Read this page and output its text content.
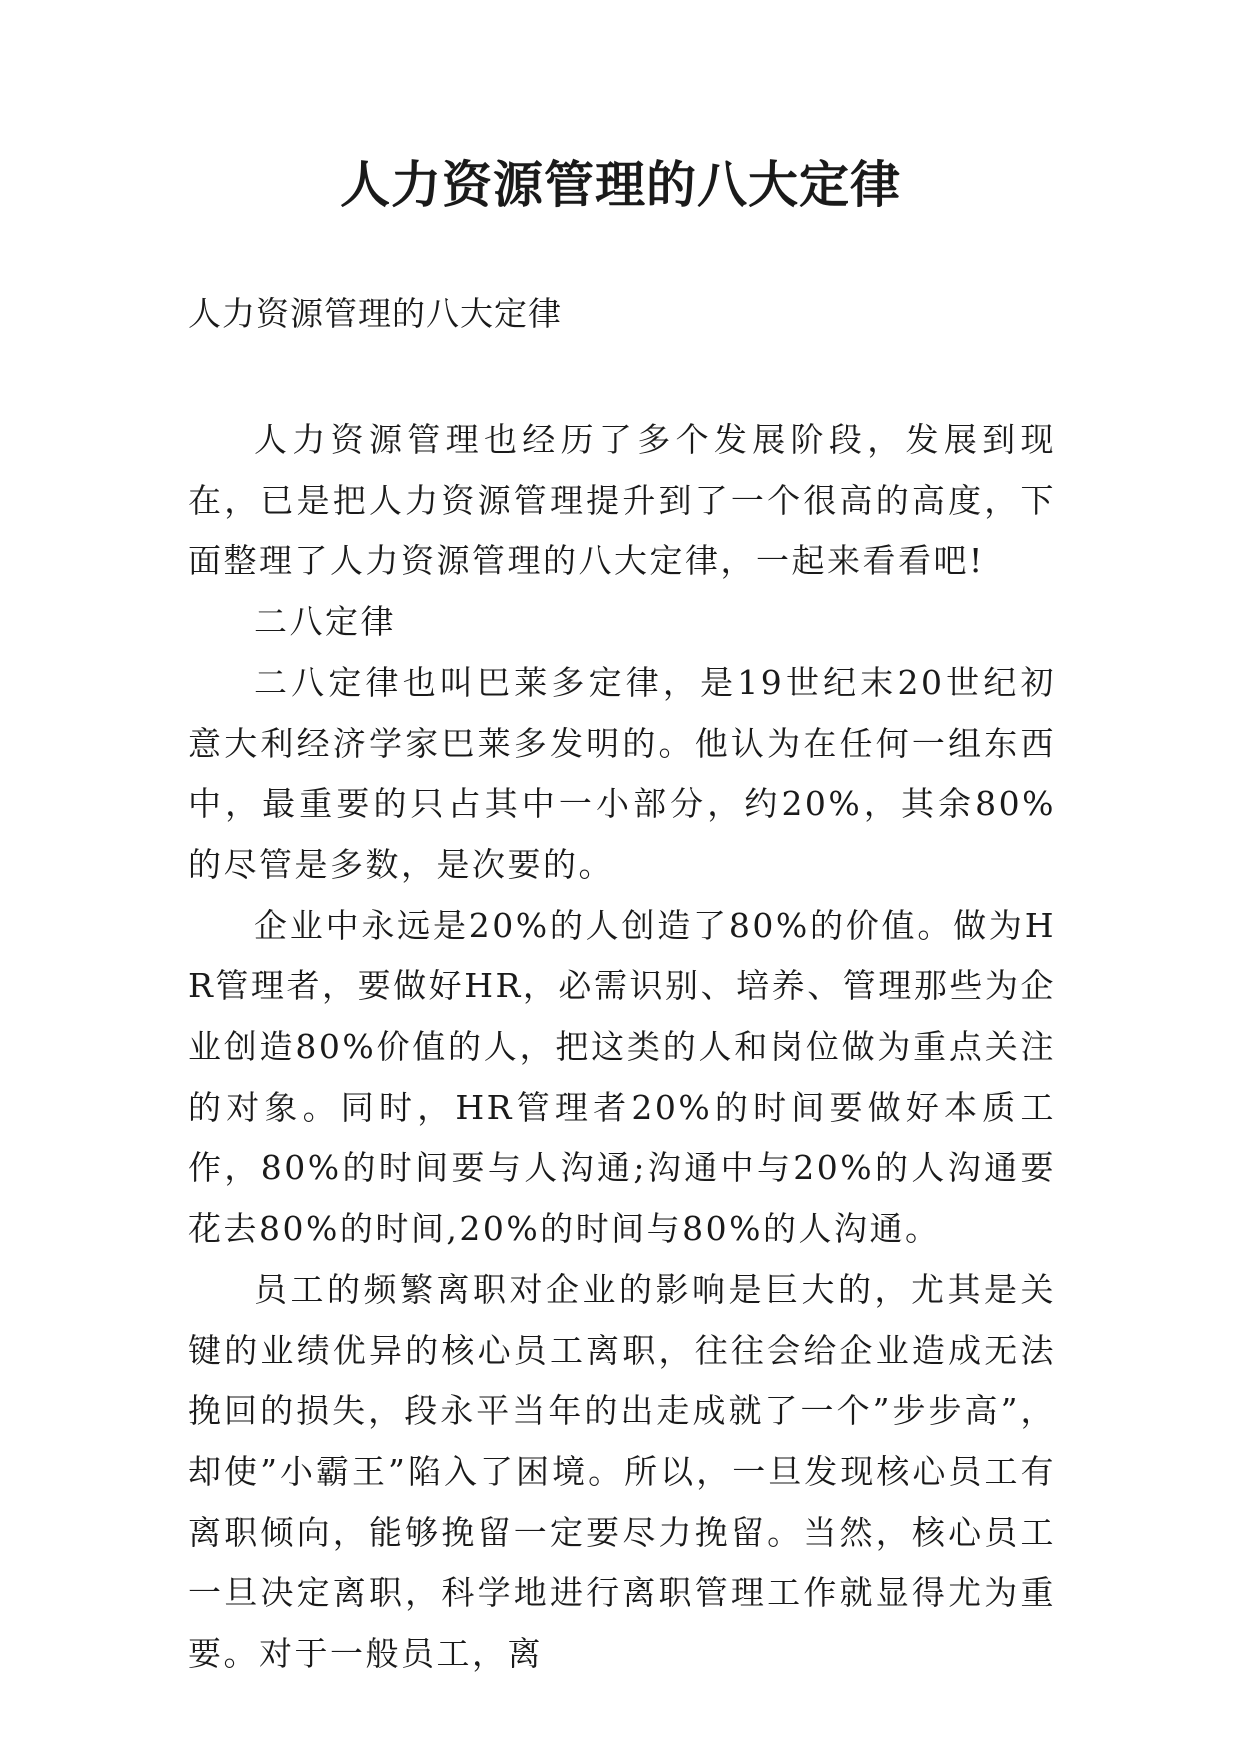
人力资源管理的八大定律
人力资源管理的八大定律

人力资源管理也经历了多个发展阶段，发展到现在，已是把人力资源管理提升到了一个很高的高度，下面整理了人力资源管理的八大定律，一起来看看吧!

二八定律

二八定律也叫巴莱多定律，是19世纪末20世纪初意大利经济学家巴莱多发明的。他认为在任何一组东西中，最重要的只占其中一小部分，约20%，其余80%的尽管是多数，是次要的。

企业中永远是20%的人创造了80%的价值。做为HR管理者，要做好HR，必需识别、培养、管理那些为企业创造80%价值的人，把这类的人和岗位做为重点关注的对象。同时，HR管理者20%的时间要做好本质工作，80%的时间要与人沟通;沟通中与20%的人沟通要花去80%的时间,20%的时间与80%的人沟通。

员工的频繁离职对企业的影响是巨大的，尤其是关键的业绩优异的核心员工离职，往往会给企业造成无法挽回的损失，段永平当年的出走成就了一个”步步高”，却使”小霸王”陷入了困境。所以，一旦发现核心员工有离职倾向，能够挽留一定要尽力挽留。当然，核心员工一旦决定离职，科学地进行离职管理工作就显得尤为重要。对于一般员工，离
